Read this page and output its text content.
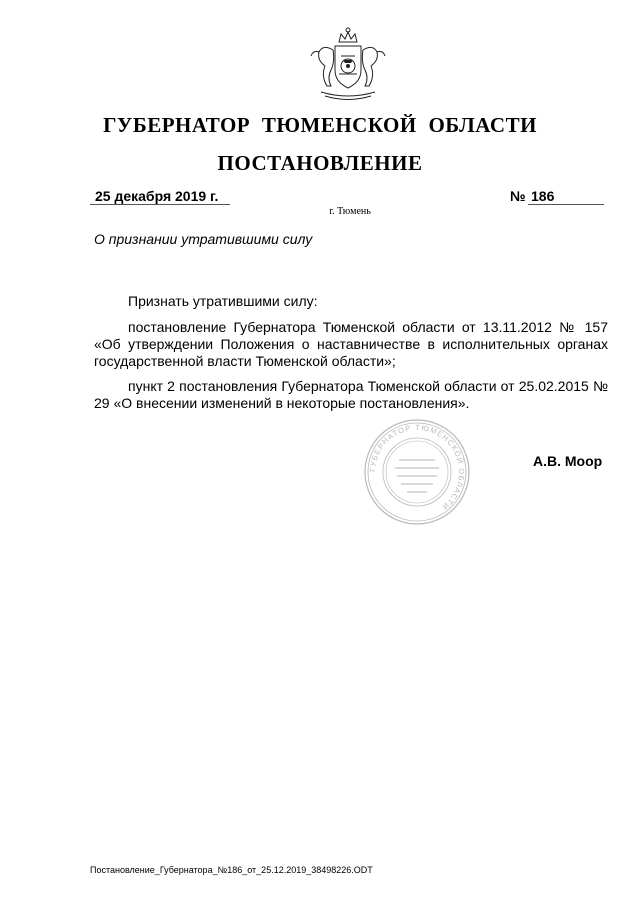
ГУБЕРНАТОР ТЮМЕНСКОЙ ОБЛАСТИ
ПОСТАНОВЛЕНИЕ
25 декабря 2019 г.	№ 186
г. Тюмень
О признании утратившими силу

Признать утратившими силу:

постановление Губернатора Тюменской области от 13.11.2012 № 157 «Об утверждении Положения о наставничестве в исполнительных органах государственной власти Тюменской области»;

пункт 2 постановления Губернатора Тюменской области от 25.02.2015 № 29 «О внесении изменений в некоторые постановления».

ГУБЕРНАТОР ТЮМЕНСКОЙ ОБЛАСТИ
А.В. Моор
Постановление_Губернатора_№186_от_25.12.2019_38498226.ODT
